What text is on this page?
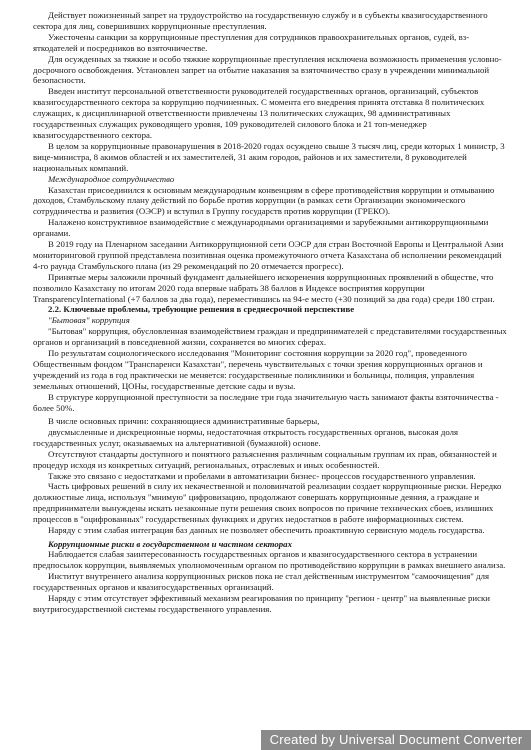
Действует пожизненный запрет на трудоустройство на государственную службу и в субъекты квазигосударственного сектора для лиц, совершивших коррупционные преступления.

Ужесточены санкции за коррупционные преступления для сотрудников правоохранительных органов, судей, взяткодателей и посредников во взяточничестве.

Для осужденных за тяжкие и особо тяжкие коррупционные преступления исключена возможность применения условно-досрочного освобождения. Установлен запрет на отбытие наказания за взяточничество сразу в учреждении минимальной безопасности.

Введен институт персональной ответственности руководителей государственных органов, организаций, субъектов квазигосударственного сектора за коррупцию подчиненных. С момента его внедрения принята отставка 8 политических служащих, к дисциплинарной ответственности привлечены 13 политических служащих, 98 административных государственных служащих руководящего уровня, 109 руководителей силового блока и 21 топ-менеджер квазигосударственного сектора.

В целом за коррупционные правонарушения в 2018-2020 годах осуждено свыше 3 тысяч лиц, среди которых 1 министр, 3 вице-министра, 8 акимов областей и их заместителей, 31 аким городов, районов и их заместители, 8 руководителей национальных компаний.

Международное сотрудничество

Казахстан присоединился к основным международным конвенциям в сфере противодействия коррупции и отмыванию доходов, Стамбульскому плану действий по борьбе против коррупции (в рамках сети Организации экономического сотрудничества и развития (ОЭСР) и вступил в Группу государств против коррупции (ГРЕКО).

Налажено конструктивное взаимодействие с международными организациями и зарубежными антикоррупционными органами.

В 2019 году на Пленарном заседании Антикоррупционной сети ОЭСР для стран Восточной Европы и Центральной Азии мониторинговой группой представлена позитивная оценка промежуточного отчета Казахстана об исполнении рекомендаций 4-го раунда Стамбульского плана (из 29 рекомендаций по 20 отмечается прогресс).

Принятые меры заложили прочный фундамент дальнейшего искоренения коррупционных проявлений в обществе, что позволило Казахстану по итогам 2020 года впервые набрать 38 баллов в Индексе восприятия коррупции TransparencyInternational (+7 баллов за два года), переместившись на 94-е место (+30 позиций за два года) среди 180 стран.

2.2. Ключевые проблемы, требующие решения в среднесрочной перспективе

"Бытовая" коррупция

"Бытовая" коррупция, обусловленная взаимодействием граждан и предпринимателей с представителями государственных органов и организаций в повседневной жизни, сохраняется во многих сферах.

По результатам социологического исследования "Мониторинг состояния коррупции за 2020 год", проведенного Общественным фондом "Транспаренси Казахстан", перечень чувствительных с точки зрения коррупционных органов и учреждений из года в год практически не меняется: государственные поликлиники и больницы, полиция, управления земельных отношений, ЦОНы, государственные детские сады и вузы.

В структуре коррупционной преступности за последние три года значительную часть занимают факты взяточничества - более 50%.

В числе основных причин: сохраняющиеся административные барьеры,

двусмысленные и дискреционные нормы, недостаточная открытость государственных органов, высокая доля государственных услуг, оказываемых на альтернативной (бумажной) основе.

Отсутствуют стандарты доступного и понятного разъяснения различным социальным группам их прав, обязанностей и процедур исходя из конкретных ситуаций, региональных, отраслевых и иных особенностей.

Также это связано с недостатками и пробелами в автоматизации бизнес- процессов государственного управления.

Часть цифровых решений в силу их некачественной и половинчатой реализации создает коррупционные риски. Нередко должностные лица, используя "мнимую" цифровизацию, продолжают совершать коррупционные деяния, а граждане и предприниматели вынуждены искать незаконные пути решения своих вопросов по причине технических сбоев, излишних процессов в "оцифрованных" государственных функциях и других недостатков в работе информационных систем.

Наряду с этим слабая интеграция баз данных не позволяет обеспечить проактивную сервисную модель государства.

Коррупционные риски в государственном и частном секторах

Наблюдается слабая заинтересованность государственных органов и квазигосударственного сектора в устранении предпосылок коррупции, выявляемых уполномоченным органом по противодействию коррупции в рамках внешнего анализа.

Институт внутреннего анализа коррупционных рисков пока не стал действенным инструментом "самоочищения" для государственных органов и квазигосударственных организаций.

Наряду с этим отсутствует эффективный механизм реагирования по принципу "регион - центр" на выявленные риски внутригосударственной системы государственного управления.

Created by Universal Document Converter
